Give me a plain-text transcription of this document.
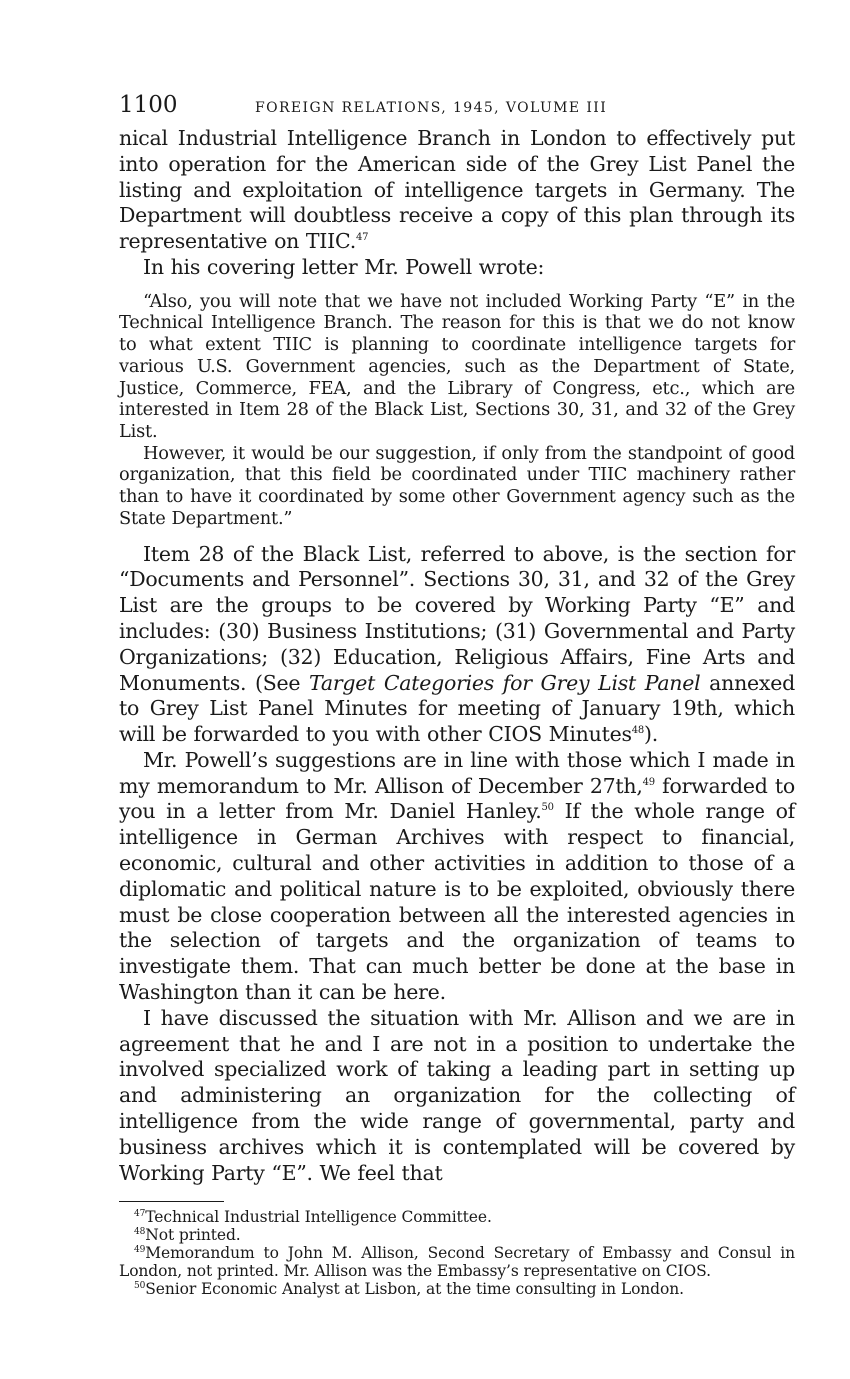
1100	FOREIGN RELATIONS, 1945, VOLUME III

nical Industrial Intelligence Branch in London to effectively put into operation for the American side of the Grey List Panel the listing and exploitation of intelligence targets in Germany. The Department will doubtless receive a copy of this plan through its representative on TIIC.$^{47}$

In his covering letter Mr. Powell wrote:

“Also, you will note that we have not included Working Party “E” in the Technical Intelligence Branch. The reason for this is that we do not know to what extent TIIC is planning to coordinate intelligence targets for various U.S. Government agencies, such as the Department of State, Justice, Commerce, FEA, and the Library of Congress, etc., which are interested in Item 28 of the Black List, Sections 30, 31, and 32 of the Grey List.

However, it would be our suggestion, if only from the standpoint of good organization, that this field be coordinated under TIIC machinery rather than to have it coordinated by some other Government agency such as the State Department.”

Item 28 of the Black List, referred to above, is the section for “Documents and Personnel”. Sections 30, 31, and 32 of the Grey List are the groups to be covered by Working Party “E” and includes: (30) Business Institutions; (31) Governmental and Party Organizations; (32) Education, Religious Affairs, Fine Arts and Monuments. (See Target Categories for Grey List Panel annexed to Grey List Panel Minutes for meeting of January 19th, which will be forwarded to you with other CIOS Minutes$^{48}$).

Mr. Powell’s suggestions are in line with those which I made in my memorandum to Mr. Allison of December 27th,$^{49}$ forwarded to you in a letter from Mr. Daniel Hanley.$^{50}$ If the whole range of intelligence in German Archives with respect to financial, economic, cultural and other activities in addition to those of a diplomatic and political nature is to be exploited, obviously there must be close cooperation between all the interested agencies in the selection of targets and the organization of teams to investigate them. That can much better be done at the base in Washington than it can be here.

I have discussed the situation with Mr. Allison and we are in agreement that he and I are not in a position to undertake the involved specialized work of taking a leading part in setting up and administering an organization for the collecting of intelligence from the wide range of governmental, party and business archives which it is contemplated will be covered by Working Party “E”. We feel that

$^{47}$Technical Industrial Intelligence Committee.

$^{48}$Not printed.

$^{49}$Memorandum to John M. Allison, Second Secretary of Embassy and Consul in London, not printed. Mr. Allison was the Embassy’s representative on CIOS.

$^{50}$Senior Economic Analyst at Lisbon, at the time consulting in London.
